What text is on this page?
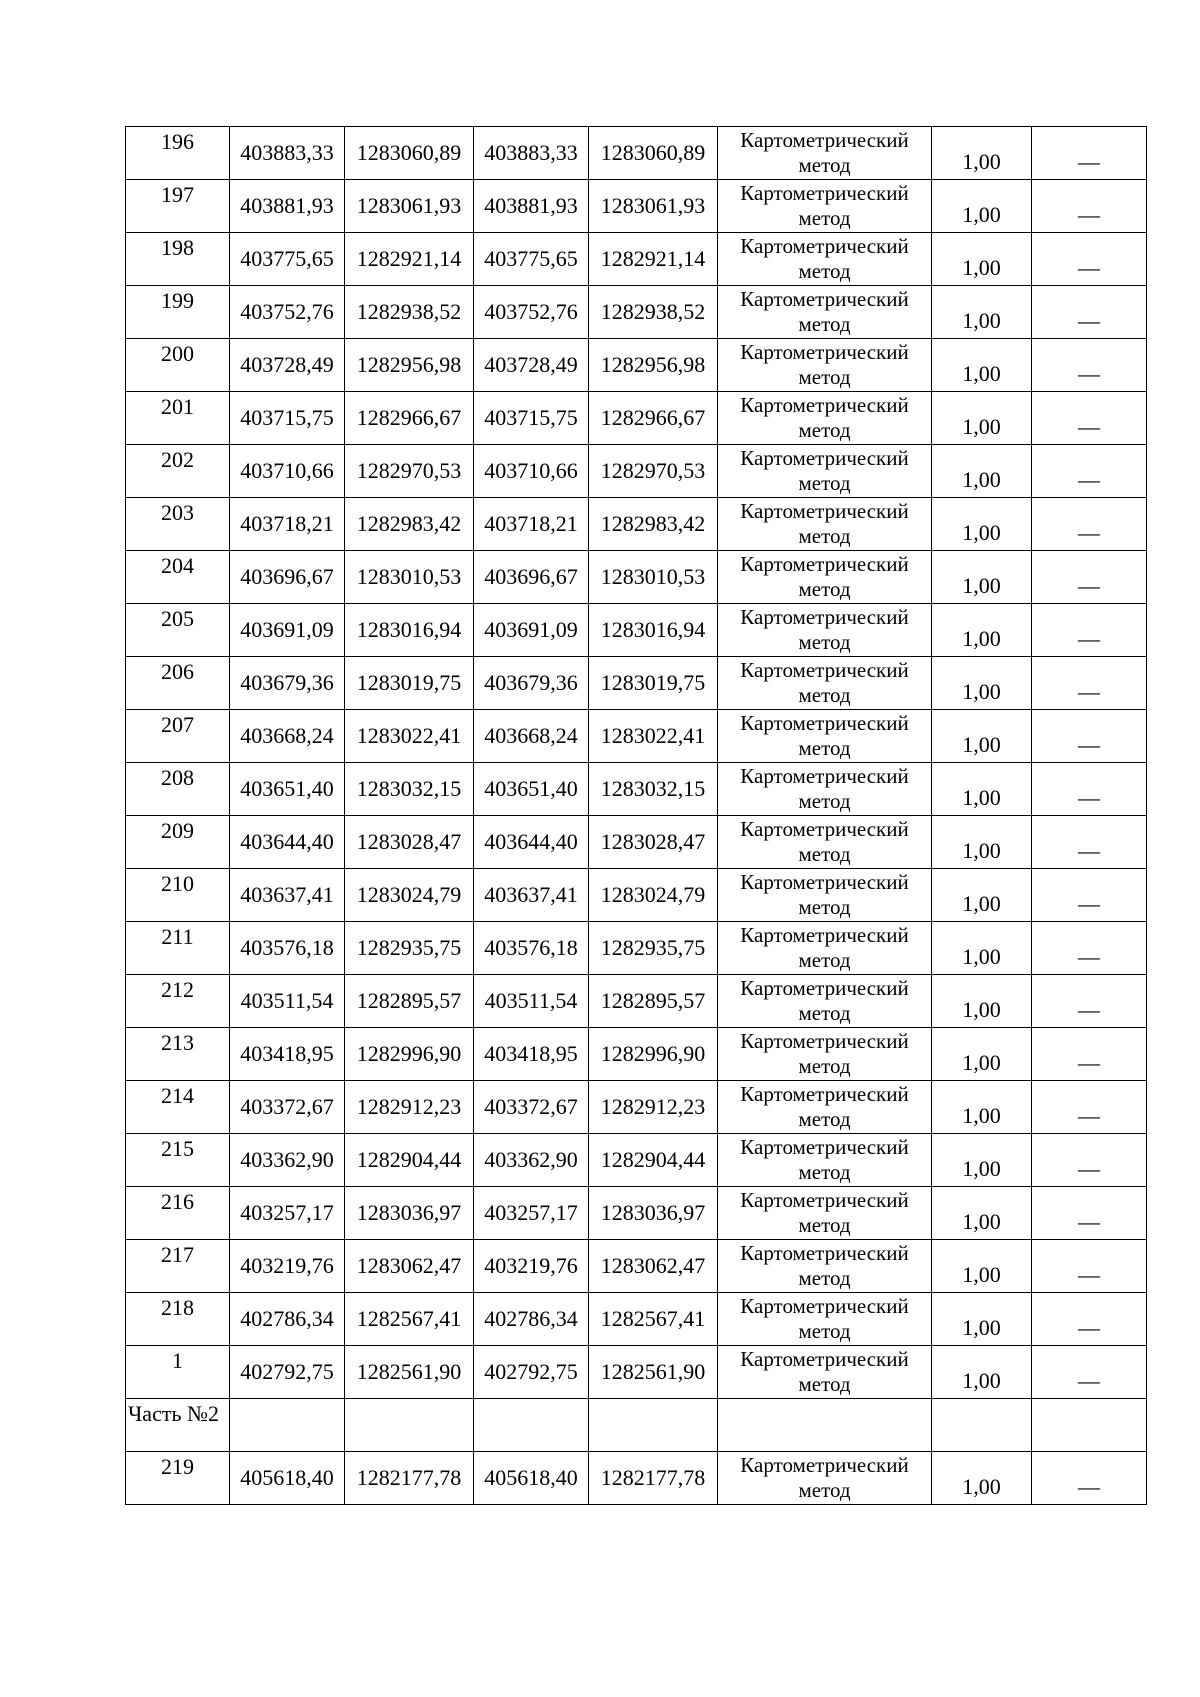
196	403883,33	1283060,89	403883,33	1283060,89	Картометрический метод	1,00	—
197	403881,93	1283061,93	403881,93	1283061,93	Картометрический метод	1,00	—
198	403775,65	1282921,14	403775,65	1282921,14	Картометрический метод	1,00	—
199	403752,76	1282938,52	403752,76	1282938,52	Картометрический метод	1,00	—
200	403728,49	1282956,98	403728,49	1282956,98	Картометрический метод	1,00	—
201	403715,75	1282966,67	403715,75	1282966,67	Картометрический метод	1,00	—
202	403710,66	1282970,53	403710,66	1282970,53	Картометрический метод	1,00	—
203	403718,21	1282983,42	403718,21	1282983,42	Картометрический метод	1,00	—
204	403696,67	1283010,53	403696,67	1283010,53	Картометрический метод	1,00	—
205	403691,09	1283016,94	403691,09	1283016,94	Картометрический метод	1,00	—
206	403679,36	1283019,75	403679,36	1283019,75	Картометрический метод	1,00	—
207	403668,24	1283022,41	403668,24	1283022,41	Картометрический метод	1,00	—
208	403651,40	1283032,15	403651,40	1283032,15	Картометрический метод	1,00	—
209	403644,40	1283028,47	403644,40	1283028,47	Картометрический метод	1,00	—
210	403637,41	1283024,79	403637,41	1283024,79	Картометрический метод	1,00	—
211	403576,18	1282935,75	403576,18	1282935,75	Картометрический метод	1,00	—
212	403511,54	1282895,57	403511,54	1282895,57	Картометрический метод	1,00	—
213	403418,95	1282996,90	403418,95	1282996,90	Картометрический метод	1,00	—
214	403372,67	1282912,23	403372,67	1282912,23	Картометрический метод	1,00	—
215	403362,90	1282904,44	403362,90	1282904,44	Картометрический метод	1,00	—
216	403257,17	1283036,97	403257,17	1283036,97	Картометрический метод	1,00	—
217	403219,76	1283062,47	403219,76	1283062,47	Картометрический метод	1,00	—
218	402786,34	1282567,41	402786,34	1282567,41	Картометрический метод	1,00	—
1	402792,75	1282561,90	402792,75	1282561,90	Картометрический метод	1,00	—
Часть №2							
219	405618,40	1282177,78	405618,40	1282177,78	Картометрический метод	1,00	—
